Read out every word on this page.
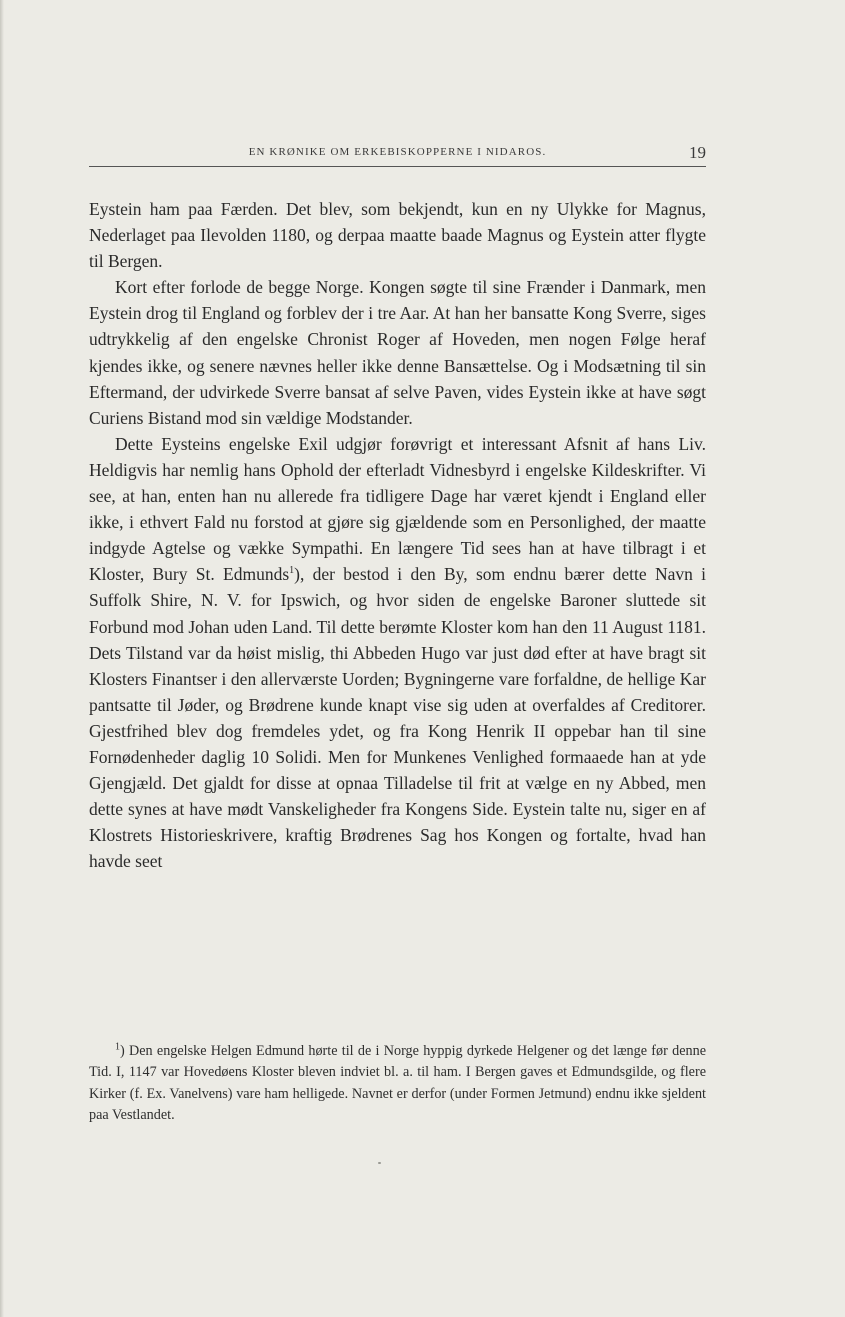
EN KRØNIKE OM ERKEBISKOPPERNE I NIDAROS.	19

Eystein ham paa Færden. Det blev, som bekjendt, kun en ny Ulykke for Magnus, Nederlaget paa Ilevolden 1180, og derpaa maatte baade Magnus og Eystein atter flygte til Bergen.

Kort efter forlode de begge Norge. Kongen søgte til sine Frænder i Danmark, men Eystein drog til England og forblev der i tre Aar. At han her bansatte Kong Sverre, siges udtrykkelig af den engelske Chronist Roger af Hoveden, men nogen Følge heraf kjendes ikke, og senere nævnes heller ikke denne Bansættelse. Og i Modsætning til sin Eftermand, der udvirkede Sverre bansat af selve Paven, vides Eystein ikke at have søgt Curiens Bistand mod sin vældige Modstander.

Dette Eysteins engelske Exil udgjør forøvrigt et interessant Afsnit af hans Liv. Heldigvis har nemlig hans Ophold der efterladt Vidnesbyrd i engelske Kildeskrifter. Vi see, at han, enten han nu allerede fra tidligere Dage har været kjendt i England eller ikke, i ethvert Fald nu forstod at gjøre sig gjældende som en Personlighed, der maatte indgyde Agtelse og vække Sympathi. En længere Tid sees han at have tilbragt i et Kloster, Bury St. Edmunds$^1$), der bestod i den By, som endnu bærer dette Navn i Suffolk Shire, N. V. for Ipswich, og hvor siden de engelske Baroner sluttede sit Forbund mod Johan uden Land. Til dette berømte Kloster kom han den 11 August 1181. Dets Tilstand var da høist mislig, thi Abbeden Hugo var just død efter at have bragt sit Klosters Finantser i den allerværste Uorden; Bygningerne vare forfaldne, de hellige Kar pantsatte til Jøder, og Brødrene kunde knapt vise sig uden at overfaldes af Creditorer. Gjestfrihed blev dog fremdeles ydet, og fra Kong Henrik II oppebar han til sine Fornødenheder daglig 10 Solidi. Men for Munkenes Venlighed formaaede han at yde Gjengjæld. Det gjaldt for disse at opnaa Tilladelse til frit at vælge en ny Abbed, men dette synes at have mødt Vanskeligheder fra Kongens Side. Eystein talte nu, siger en af Klostrets Historieskrivere, kraftig Brødrenes Sag hos Kongen og fortalte, hvad han havde seet

$^1$) Den engelske Helgen Edmund hørte til de i Norge hyppig dyrkede Helgener og det længe før denne Tid. I, 1147 var Hovedøens Kloster bleven indviet bl. a. til ham. I Bergen gaves et Edmundsgilde, og flere Kirker (f. Ex. Vanelvens) vare ham helligede. Navnet er derfor (under Formen Jetmund) endnu ikke sjeldent paa Vestlandet.
